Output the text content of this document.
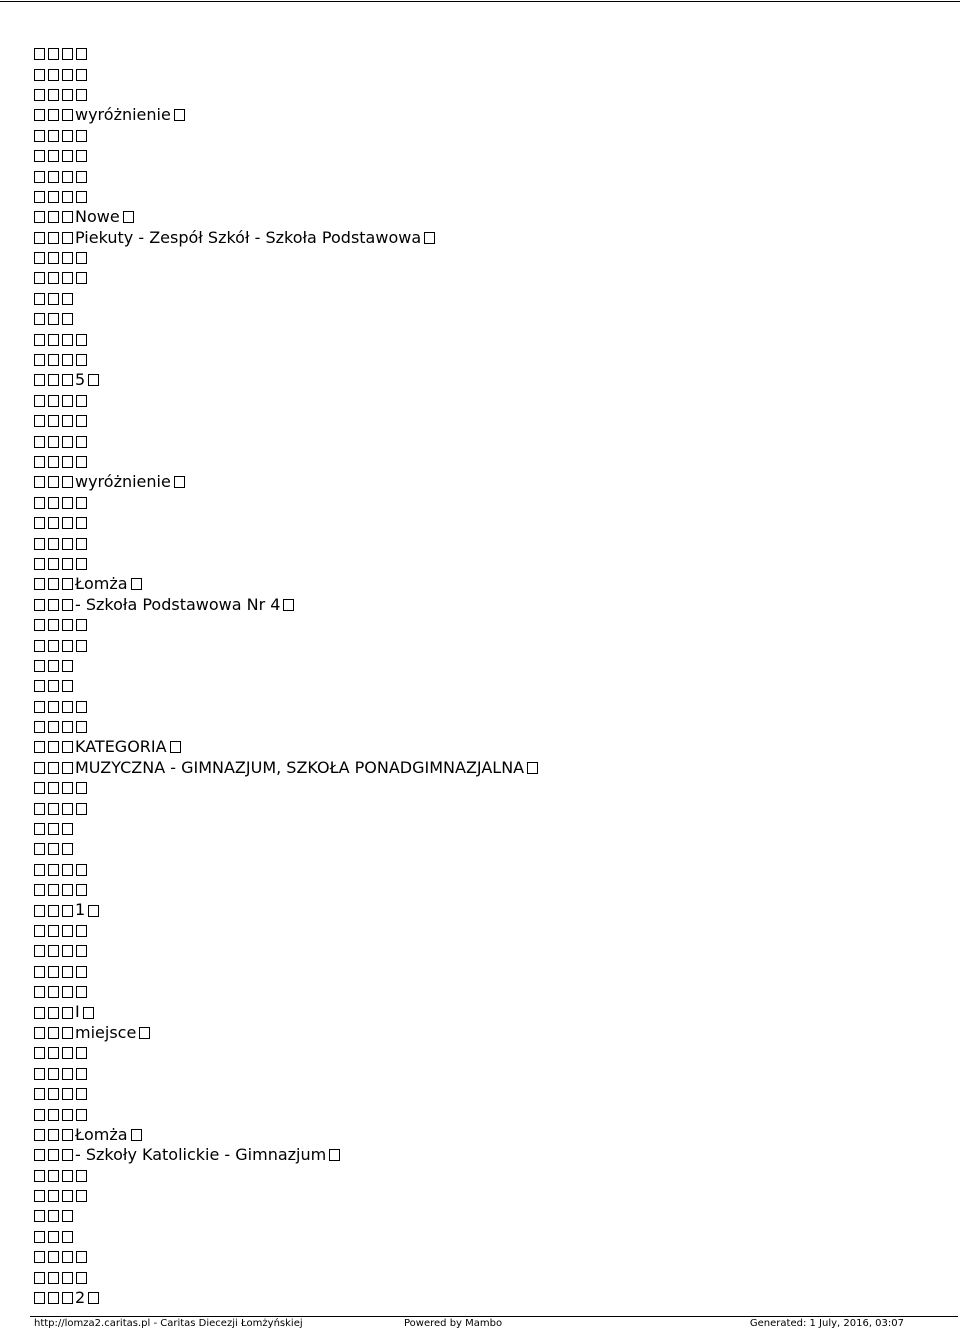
wyróżnienie
Nowe
Piekuty - Zespół Szkół - Szkoła Podstawowa
5
wyróżnienie
Łomża
- Szkoła Podstawowa Nr 4
KATEGORIA
MUZYCZNA - GIMNAZJUM, SZKOŁA PONADGIMNAZJALNA
1
I
miejsce
Łomża
- Szkoły Katolickie - Gimnazjum
2
http://lomza2.caritas.pl - Caritas Diecezji Łomżyńskiej	Powered by Mambo	Generated: 1 July, 2016, 03:07
